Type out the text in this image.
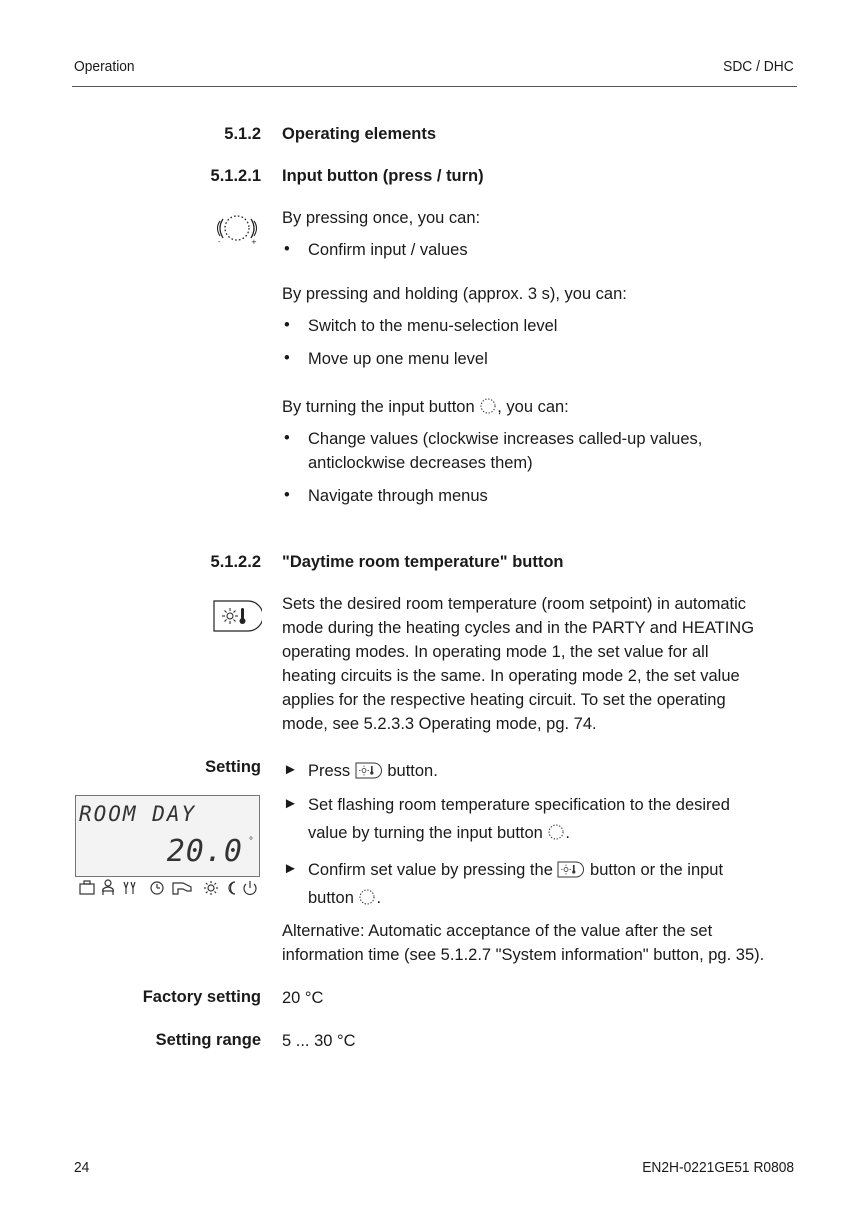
Operation	SDC / DHC
5.1.2 Operating elements
5.1.2.1 Input button (press / turn)
-	+
By pressing once, you can:
• Confirm input / values
By pressing and holding (approx. 3 s), you can:
• Switch to the menu-selection level
• Move up one menu level
By turning the input button , you can:
• Change values (clockwise increases called-up values,
anticlockwise decreases them)
• Navigate through menus
5.1.2.2 "Daytime room temperature" button
Sets the desired room temperature (room setpoint) in automatic
mode during the heating cycles and in the PARTY and HEATING
operating modes. In operating mode 1, the set value for all
heating circuits is the same. In operating mode 2, the set value
applies for the respective heating circuit. To set the operating
mode, see 5.2.3.3 Operating mode, pg. 74.
Setting ► Press  button.
► Set flashing room temperature specification to the desired
value by turning the input button .
► Confirm set value by pressing the  button or the input
button .
Alternative: Automatic acceptance of the value after the set
information time (see 5.1.2.7 "System information" button, pg. 35).
ROOM DAY
20.0 °
Factory setting 20 °C
Setting range 5 ... 30 °C
24	EN2H-0221GE51 R0808
